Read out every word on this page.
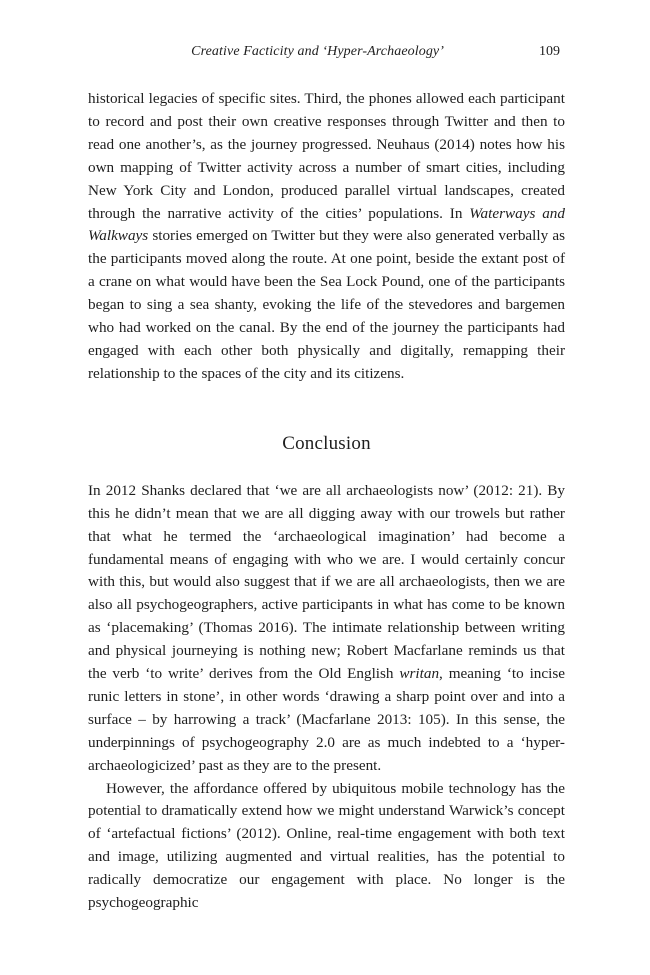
Creative Facticity and ‘Hyper-Archaeology’	109

historical legacies of specific sites. Third, the phones allowed each participant to record and post their own creative responses through Twitter and then to read one another’s, as the journey progressed. Neuhaus (2014) notes how his own mapping of Twitter activity across a number of smart cities, including New York City and London, produced parallel virtual landscapes, created through the narrative activity of the cities’ populations. In Waterways and Walkways stories emerged on Twitter but they were also generated verbally as the participants moved along the route. At one point, beside the extant post of a crane on what would have been the Sea Lock Pound, one of the participants began to sing a sea shanty, evoking the life of the stevedores and bargemen who had worked on the canal. By the end of the journey the participants had engaged with each other both physically and digitally, remapping their relationship to the spaces of the city and its citizens.

Conclusion

In 2012 Shanks declared that ‘we are all archaeologists now’ (2012: 21). By this he didn’t mean that we are all digging away with our trowels but rather that what he termed the ‘archaeological imagination’ had become a fundamental means of engaging with who we are. I would certainly concur with this, but would also suggest that if we are all archaeologists, then we are also all psychogeographers, active participants in what has come to be known as ‘placemaking’ (Thomas 2016). The intimate relationship between writing and physical journeying is nothing new; Robert Macfarlane reminds us that the verb ‘to write’ derives from the Old English writan, meaning ‘to incise runic letters in stone’, in other words ‘drawing a sharp point over and into a surface – by harrowing a track’ (Macfarlane 2013: 105). In this sense, the underpinnings of psychogeography 2.0 are as much indebted to a ‘hyper-archaeologicized’ past as they are to the present.

However, the affordance offered by ubiquitous mobile technology has the potential to dramatically extend how we might understand Warwick’s concept of ‘artefactual fictions’ (2012). Online, real-time engagement with both text and image, utilizing augmented and virtual realities, has the potential to radically democratize our engagement with place. No longer is the psychogeographic
